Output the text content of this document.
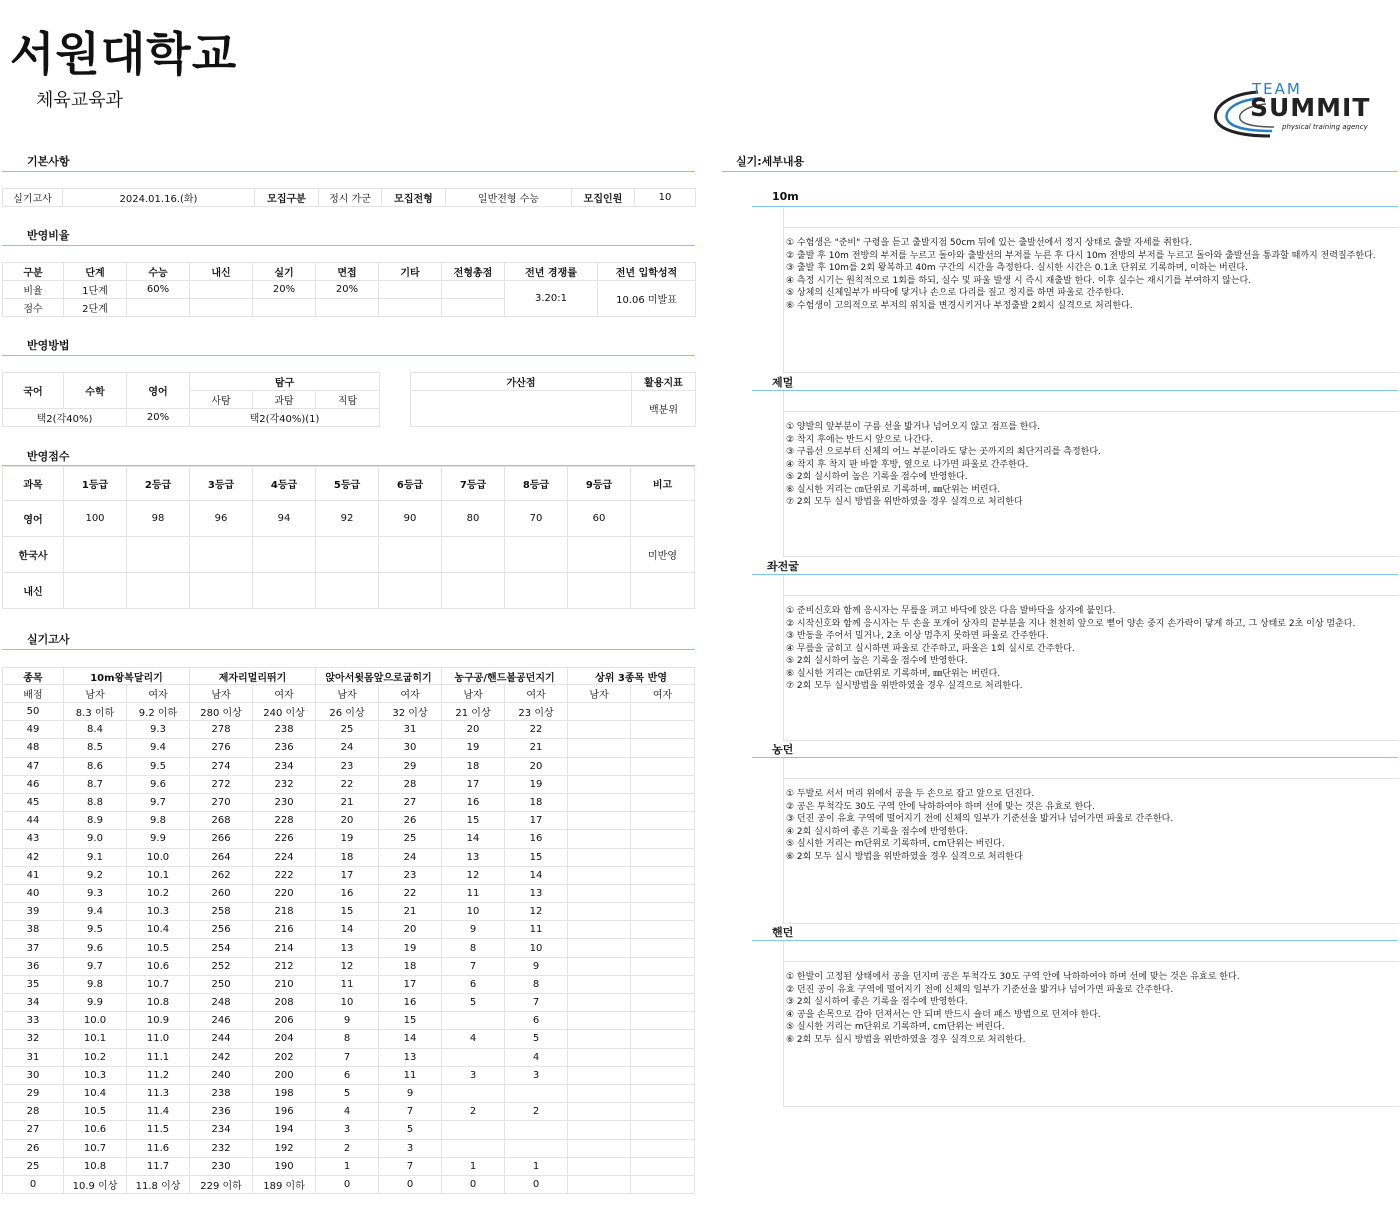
서원대학교
체육교육과
TEAM
SUMMIT
physical training agency
기본사항
실기고사	2024.01.16.(화)	모집구분	정시 가군	모집전형	일반전형 수능	모집인원	10
반영비율
구분	단계	수능	내신	실기	면접	기타	전형총점	전년 경쟁률	전년 입학성적
비율	1단계	60%		20%	20%			3.20:1	10.06 미발표
점수	2단계								
반영방법
국어	수학	영어	탐구		
			사탐	과탐	직탐
택2(각40%)		20%	택2(각40%)(1)		
가산점	활용지표
	백분위
반영점수
과목	1등급	2등급	3등급	4등급	5등급	6등급	7등급	8등급	9등급	비고
영어	100	98	96	94	92	90	80	70	60	
한국사										미반영
내신										
실기고사
종목	10m왕복달리기		제자리멀리뛰기		앉아서윗몸앞으로굽히기		농구공/핸드볼공던지기		상위 3종목 반영	
배점	남자	여자	남자	여자	남자	여자	남자	여자	남자	여자
50	8.3 이하	9.2 이하	280 이상	240 이상	26 이상	32 이상	21 이상	23 이상		
49	8.4	9.3	278	238	25	31	20	22		
48	8.5	9.4	276	236	24	30	19	21		
47	8.6	9.5	274	234	23	29	18	20		
46	8.7	9.6	272	232	22	28	17	19		
45	8.8	9.7	270	230	21	27	16	18		
44	8.9	9.8	268	228	20	26	15	17		
43	9.0	9.9	266	226	19	25	14	16		
42	9.1	10.0	264	224	18	24	13	15		
41	9.2	10.1	262	222	17	23	12	14		
40	9.3	10.2	260	220	16	22	11	13		
39	9.4	10.3	258	218	15	21	10	12		
38	9.5	10.4	256	216	14	20	9	11		
37	9.6	10.5	254	214	13	19	8	10		
36	9.7	10.6	252	212	12	18	7	9		
35	9.8	10.7	250	210	11	17	6	8		
34	9.9	10.8	248	208	10	16	5	7		
33	10.0	10.9	246	206	9	15		6		
32	10.1	11.0	244	204	8	14	4	5		
31	10.2	11.1	242	202	7	13		4		
30	10.3	11.2	240	200	6	11	3	3		
29	10.4	11.3	238	198	5	9				
28	10.5	11.4	236	196	4	7	2	2		
27	10.6	11.5	234	194	3	5				
26	10.7	11.6	232	192	2	3				
25	10.8	11.7	230	190	1	7	1	1		
0	10.9 이상	11.8 이상	229 이하	189 이하	0	0	0	0		
실기:세부내용
10m
① 수험생은 "준비" 구령을 듣고 출발지점 50cm 뒤에 있는 출발선에서 정지 상태로 출발 자세를 취한다.
② 출발 후 10m 전방의 부저를 누르고 돌아와 출발선의 부저를 누른 후 다시 10m 전방의 부저를 누르고 돌아와 출발선을 통과할 때까지 전력질주한다.
③ 출발 후 10m를 2회 왕복하고 40m 구간의 시간을 측정한다. 실시한 시간은 0.1초 단위로 기록하며, 이하는 버린다.
④ 측정 시기는 원칙적으로 1회를 하되, 실수 및 파울 발생 시 즉시 재출발 한다. 이후 실수는 재시기를 부여하지 않는다.
⑤ 상체의 신체일부가 바닥에 닿거나 손으로 다리를 짚고 정지를 하면 파울로 간주한다.
⑥ 수험생이 고의적으로 부저의 위치를 변경시키거나 부정출발 2회시 실격으로 처리한다.
제멀
① 양발의 앞부분이 구름 선을 밟거나 넘어오지 않고 점프를 한다.
② 착지 후에는 반드시 앞으로 나간다.
③ 구름선 으로부터 신체의 어느 부분이라도 닿는 곳까지의 최단거리를 측정한다.
④ 착지 후 착지 판 바깥 후방, 옆으로 나가면 파울로 간주한다.
⑤ 2회 실시하여 높은 기록을 점수에 반영한다.
⑥ 실시한 거리는 ㎝단위로 기록하며, ㎜단위는 버린다.
⑦ 2회 모두 실시 방법을 위반하였을 경우 실격으로 처리한다
좌전굴
① 준비신호와 함께 응시자는 무릎을 펴고 바닥에 앉은 다음 발바닥을 상자에 붙인다.
② 시작신호와 함께 응시자는 두 손을 포개어 상자의 끝부분을 지나 천천히 앞으로 뻗어 양손 중지 손가락이 닿게 하고, 그 상태로 2초 이상 멈춘다.
③ 반동을 주어서 밀거나, 2초 이상 멈추지 못하면 파울로 간주한다.
④ 무릎을 굽히고 실시하면 파울로 간주하고, 파울은 1회 실시로 간주한다.
⑤ 2회 실시하여 높은 기록을 점수에 반영한다.
⑥ 실시한 거리는 ㎝단위로 기록하며, ㎜단위는 버린다.
⑦ 2회 모두 실시방법을 위반하였을 경우 실격으로 처리한다.
농던
① 두발로 서서 머리 위에서 공을 두 손으로 잡고 앞으로 던진다.
② 공은 투척각도 30도 구역 안에 낙하하여야 하며 선에 맞는 것은 유효로 한다.
③ 던진 공이 유효 구역에 떨어지기 전에 신체의 일부가 기준선을 밟거나 넘어가면 파울로 간주한다.
④ 2회 실시하여 좋은 기록을 점수에 반영한다.
⑤ 실시한 거리는 m단위로 기록하며, cm단위는 버린다.
⑥ 2회 모두 실시 방법을 위반하였을 경우 실격으로 처리한다
핸던
① 한발이 고정된 상태에서 공을 던지며 공은 투척각도 30도 구역 안에 낙하하여야 하며 선에 맞는 것은 유효로 한다.
② 던진 공이 유효 구역에 떨어지기 전에 신체의 일부가 기준선을 밟거나 넘어가면 파울로 간주한다.
③ 2회 실시하여 좋은 기록을 점수에 반영한다.
④ 공을 손목으로 감아 던져서는 안 되며 반드시 숄더 패스 방법으로 던져야 한다.
⑤ 실시한 거리는 m단위로 기록하며, cm단위는 버린다.
⑥ 2회 모두 실시 방법을 위반하였을 경우 실격으로 처리한다.
